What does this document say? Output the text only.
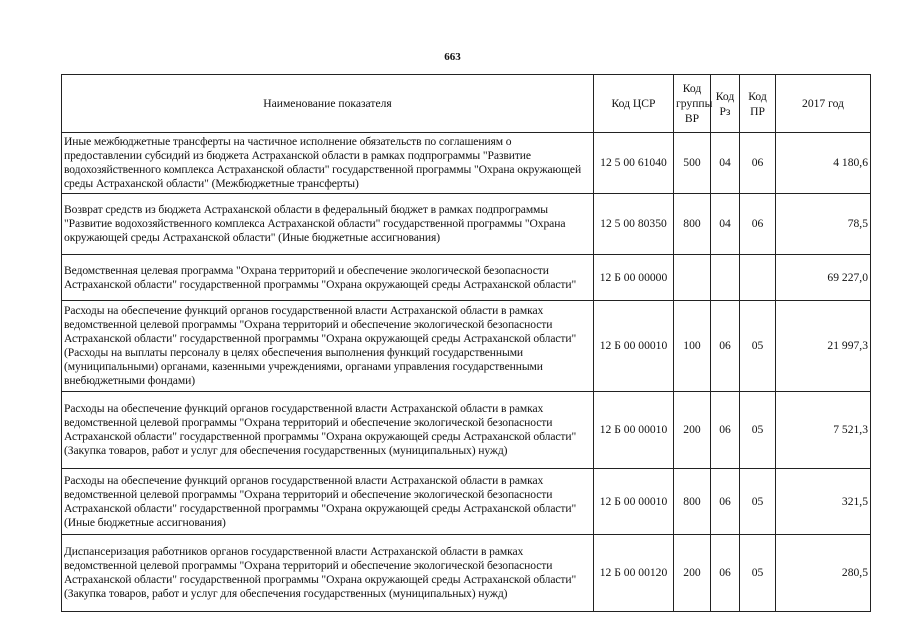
663
Наименование показателя	Код ЦСР	Код группы ВР	Код Рз	Код ПР	2017 год
Иные межбюджетные трансферты на частичное исполнение обязательств по соглашениям о предоставлении субсидий из бюджета Астраханской области в рамках подпрограммы "Развитие водохозяйственного комплекса Астраханской области" государственной программы "Охрана окружающей среды Астраханской области" (Межбюджетные трансферты)	12 5 00 61040	500	04	06	4 180,6
Возврат средств из бюджета Астраханской области в федеральный бюджет в рамках подпрограммы "Развитие водохозяйственного комплекса Астраханской области" государственной программы "Охрана окружающей среды Астраханской области" (Иные бюджетные ассигнования)	12 5 00 80350	800	04	06	78,5
Ведомственная целевая программа "Охрана территорий и обеспечение экологической безопасности Астраханской области" государственной программы "Охрана окружающей среды Астраханской области"	12 Б 00 00000				69 227,0
Расходы на обеспечение функций органов государственной власти Астраханской области в рамках ведомственной целевой программы "Охрана территорий и обеспечение экологической безопасности Астраханской области" государственной программы "Охрана окружающей среды Астраханской области" (Расходы на выплаты персоналу в целях обеспечения выполнения функций государственными (муниципальными) органами, казенными учреждениями, органами управления государственными внебюджетными фондами)	12 Б 00 00010	100	06	05	21 997,3
Расходы на обеспечение функций органов государственной власти Астраханской области в рамках ведомственной целевой программы "Охрана территорий и обеспечение экологической безопасности Астраханской области" государственной программы "Охрана окружающей среды Астраханской области" (Закупка товаров, работ и услуг для обеспечения государственных (муниципальных) нужд)	12 Б 00 00010	200	06	05	7 521,3
Расходы на обеспечение функций органов государственной власти Астраханской области в рамках ведомственной целевой программы "Охрана территорий и обеспечение экологической безопасности Астраханской области" государственной программы "Охрана окружающей среды Астраханской области" (Иные бюджетные ассигнования)	12 Б 00 00010	800	06	05	321,5
Диспансеризация работников органов государственной власти Астраханской области в рамках ведомственной целевой программы "Охрана территорий и обеспечение экологической безопасности Астраханской области" государственной программы "Охрана окружающей среды Астраханской области" (Закупка товаров, работ и услуг для обеспечения государственных (муниципальных) нужд)	12 Б 00 00120	200	06	05	280,5
